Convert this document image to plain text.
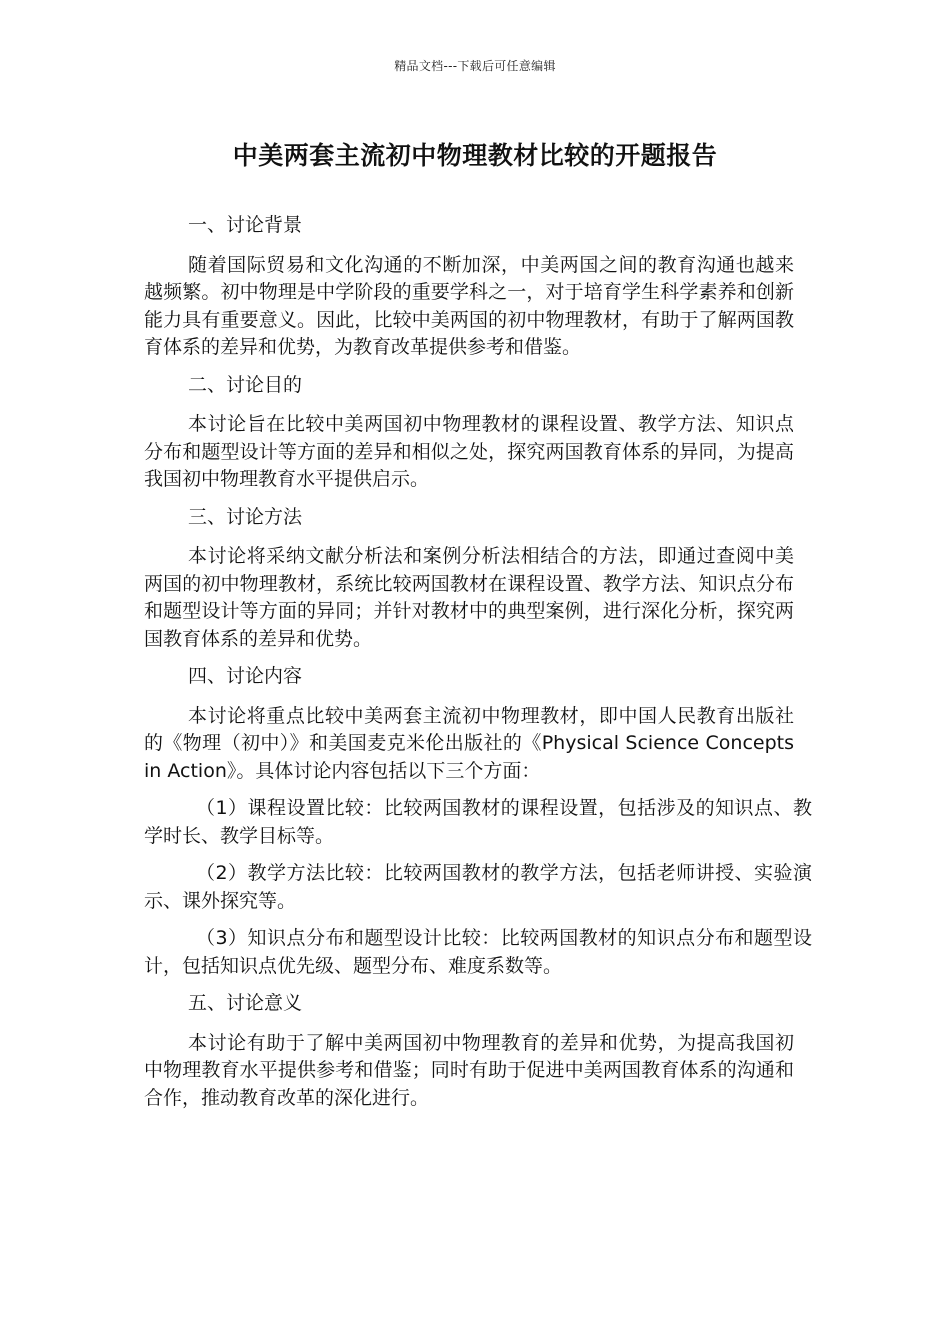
精品文档---下载后可任意编辑
中美两套主流初中物理教材比较的开题报告
一、讨论背景

随着国际贸易和文化沟通的不断加深，中美两国之间的教育沟通也越来越频繁。初中物理是中学阶段的重要学科之一，对于培育学生科学素养和创新能力具有重要意义。因此，比较中美两国的初中物理教材，有助于了解两国教育体系的差异和优势，为教育改革提供参考和借鉴。

二、讨论目的

本讨论旨在比较中美两国初中物理教材的课程设置、教学方法、知识点分布和题型设计等方面的差异和相似之处，探究两国教育体系的异同，为提高我国初中物理教育水平提供启示。

三、讨论方法

本讨论将采纳文献分析法和案例分析法相结合的方法，即通过查阅中美两国的初中物理教材，系统比较两国教材在课程设置、教学方法、知识点分布和题型设计等方面的异同；并针对教材中的典型案例，进行深化分析，探究两国教育体系的差异和优势。

四、讨论内容

本讨论将重点比较中美两套主流初中物理教材，即中国人民教育出版社的《物理（初中）》和美国麦克米伦出版社的《Physical Science Concepts in Action》。具体讨论内容包括以下三个方面：

（1）课程设置比较：比较两国教材的课程设置，包括涉及的知识点、教学时长、教学目标等。

（2）教学方法比较：比较两国教材的教学方法，包括老师讲授、实验演示、课外探究等。

（3）知识点分布和题型设计比较：比较两国教材的知识点分布和题型设计，包括知识点优先级、题型分布、难度系数等。

五、讨论意义

本讨论有助于了解中美两国初中物理教育的差异和优势，为提高我国初中物理教育水平提供参考和借鉴；同时有助于促进中美两国教育体系的沟通和合作，推动教育改革的深化进行。
